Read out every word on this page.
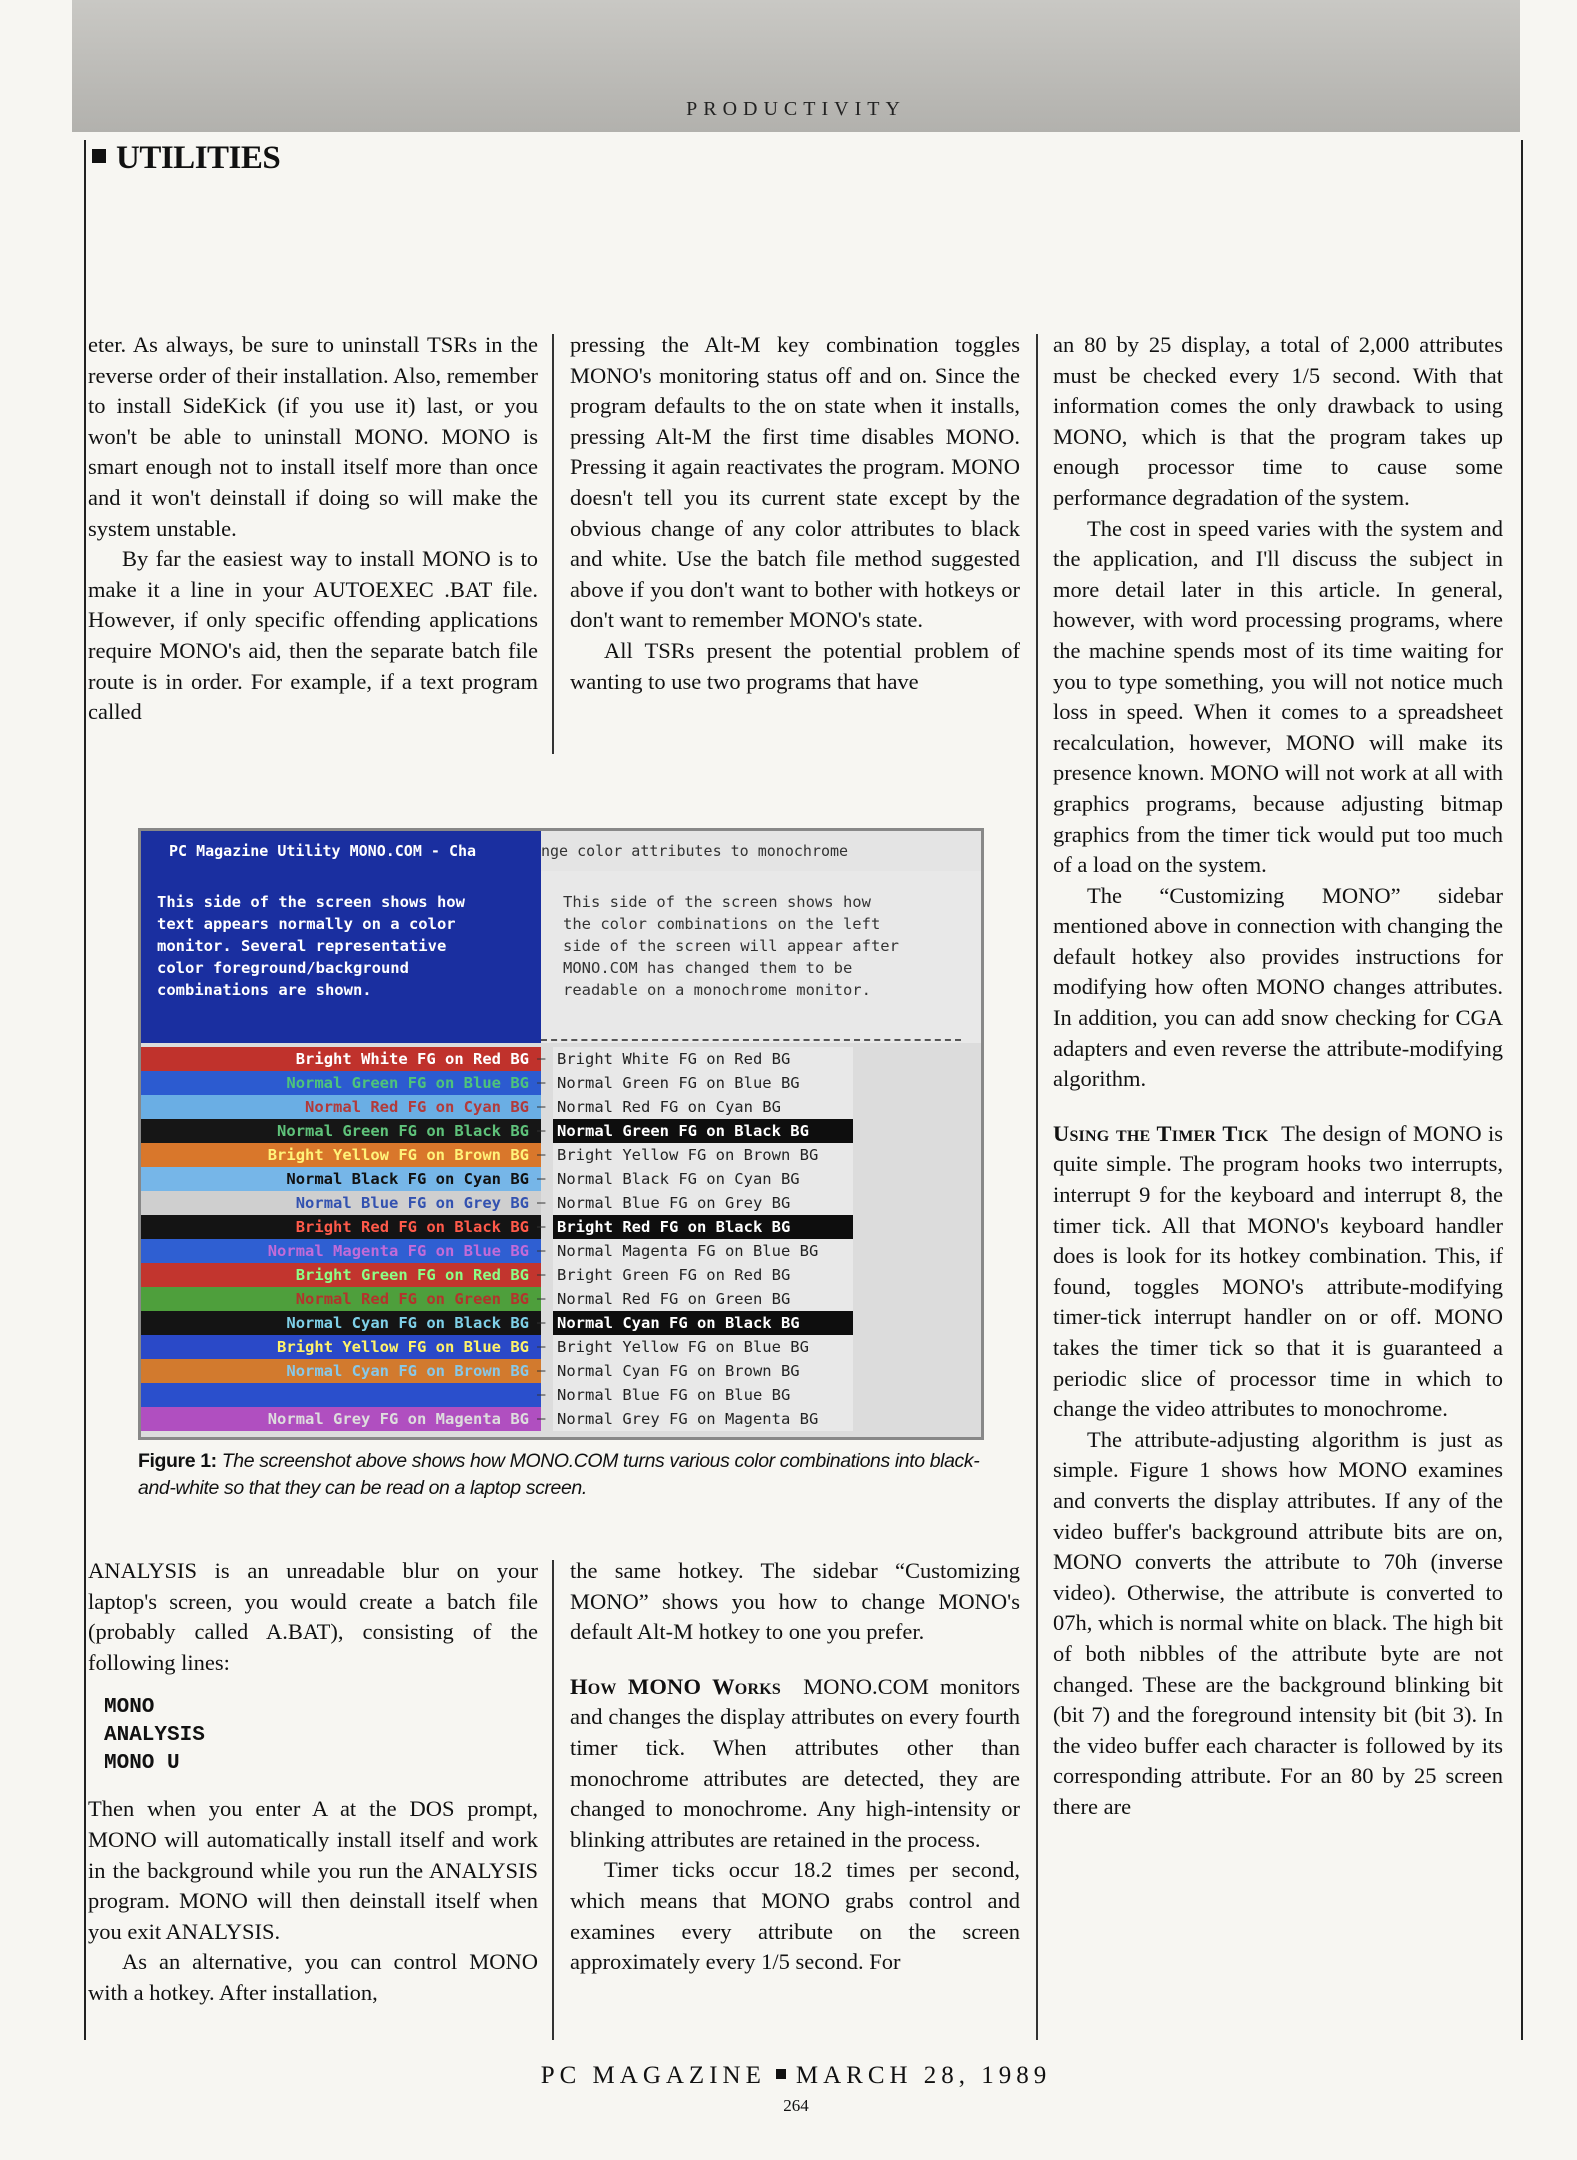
PRODUCTIVITY
UTILITIES

eter. As always, be sure to uninstall TSRs in the reverse order of their installation. Also, remember to install SideKick (if you use it) last, or you won't be able to uninstall MONO. MONO is smart enough not to install itself more than once and it won't deinstall if doing so will make the system unstable.

By far the easiest way to install MONO is to make it a line in your AUTOEXEC .BAT file. However, if only specific offending applications require MONO's aid, then the separate batch file route is in order. For example, if a text program called

pressing the Alt-M key combination toggles MONO's monitoring status off and on. Since the program defaults to the on state when it installs, pressing Alt-M the first time disables MONO. Pressing it again reactivates the program. MONO doesn't tell you its current state except by the obvious change of any color attributes to black and white. Use the batch file method suggested above if you don't want to bother with hotkeys or don't want to remember MONO's state.

All TSRs present the potential problem of wanting to use two programs that have

an 80 by 25 display, a total of 2,000 attributes must be checked every 1/5 second. With that information comes the only drawback to using MONO, which is that the program takes up enough processor time to cause some performance degradation of the system.

The cost in speed varies with the system and the application, and I'll discuss the subject in more detail later in this article. In general, however, with word processing programs, where the machine spends most of its time waiting for you to type something, you will not notice much loss in speed. When it comes to a spreadsheet recalculation, however, MONO will make its presence known. MONO will not work at all with graphics programs, because adjusting bitmap graphics from the timer tick would put too much of a load on the system.

The “Customizing MONO” sidebar mentioned above in connection with changing the default hotkey also provides instructions for modifying how often MONO changes attributes. In addition, you can add snow checking for CGA adapters and even reverse the attribute-modifying algorithm.

Using the Timer Tick The design of MONO is quite simple. The program hooks two interrupts, interrupt 9 for the keyboard and interrupt 8, the timer tick. All that MONO's keyboard handler does is look for its hotkey combination. This, if found, toggles MONO's attribute-modifying timer-tick interrupt handler on or off. MONO takes the timer tick so that it is guaranteed a periodic slice of processor time in which to change the video attributes to monochrome.

The attribute-adjusting algorithm is just as simple. Figure 1 shows how MONO examines and converts the display attributes. If any of the video buffer's background attribute bits are on, MONO converts the attribute to 70h (inverse video). Otherwise, the attribute is converted to 07h, which is normal white on black. The high bit of both nibbles of the attribute byte are not changed. These are the background blinking bit (bit 7) and the foreground intensity bit (bit 3). In the video buffer each character is followed by its corresponding attribute. For an 80 by 25 screen there are

PC Magazine Utility MONO.COM - Cha	nge color attributes to monochrome
This side of the screen shows how
text appears normally on a color
monitor. Several representative
color foreground/background
combinations are shown.
This side of the screen shows how
the color combinations on the left
side of the screen will appear after
MONO.COM has changed them to be
readable on a monochrome monitor.
Bright White FG on Red BG — Bright White FG on Red BG
Normal Green FG on Blue BG — Normal Green FG on Blue BG
Normal Red FG on Cyan BG — Normal Red FG on Cyan BG
Normal Green FG on Black BG — Normal Green FG on Black BG
Bright Yellow FG on Brown BG — Bright Yellow FG on Brown BG
Normal Black FG on Cyan BG — Normal Black FG on Cyan BG
Normal Blue FG on Grey BG — Normal Blue FG on Grey BG
Bright Red FG on Black BG — Bright Red FG on Black BG
Normal Magenta FG on Blue BG — Normal Magenta FG on Blue BG
Bright Green FG on Red BG — Bright Green FG on Red BG
Normal Red FG on Green BG — Normal Red FG on Green BG
Normal Cyan FG on Black BG — Normal Cyan FG on Black BG
Bright Yellow FG on Blue BG — Bright Yellow FG on Blue BG
Normal Cyan FG on Brown BG — Normal Cyan FG on Brown BG
— Normal Blue FG on Blue BG
Normal Grey FG on Magenta BG — Normal Grey FG on Magenta BG
Figure 1: The screenshot above shows how MONO.COM turns various color combinations into black-and-white so that they can be read on a laptop screen.

ANALYSIS is an unreadable blur on your laptop's screen, you would create a batch file (probably called A.BAT), consisting of the following lines:

MONO
ANALYSIS
MONO U

Then when you enter A at the DOS prompt, MONO will automatically install itself and work in the background while you run the ANALYSIS program. MONO will then deinstall itself when you exit ANALYSIS.

As an alternative, you can control MONO with a hotkey. After installation,

the same hotkey. The sidebar “Customizing MONO” shows you how to change MONO's default Alt-M hotkey to one you prefer.

How MONO Works MONO.COM monitors and changes the display attributes on every fourth timer tick. When attributes other than monochrome attributes are detected, they are changed to monochrome. Any high-intensity or blinking attributes are retained in the process.

Timer ticks occur 18.2 times per second, which means that MONO grabs control and examines every attribute on the screen approximately every 1/5 second. For

PC MAGAZINE MARCH 28, 1989
264
